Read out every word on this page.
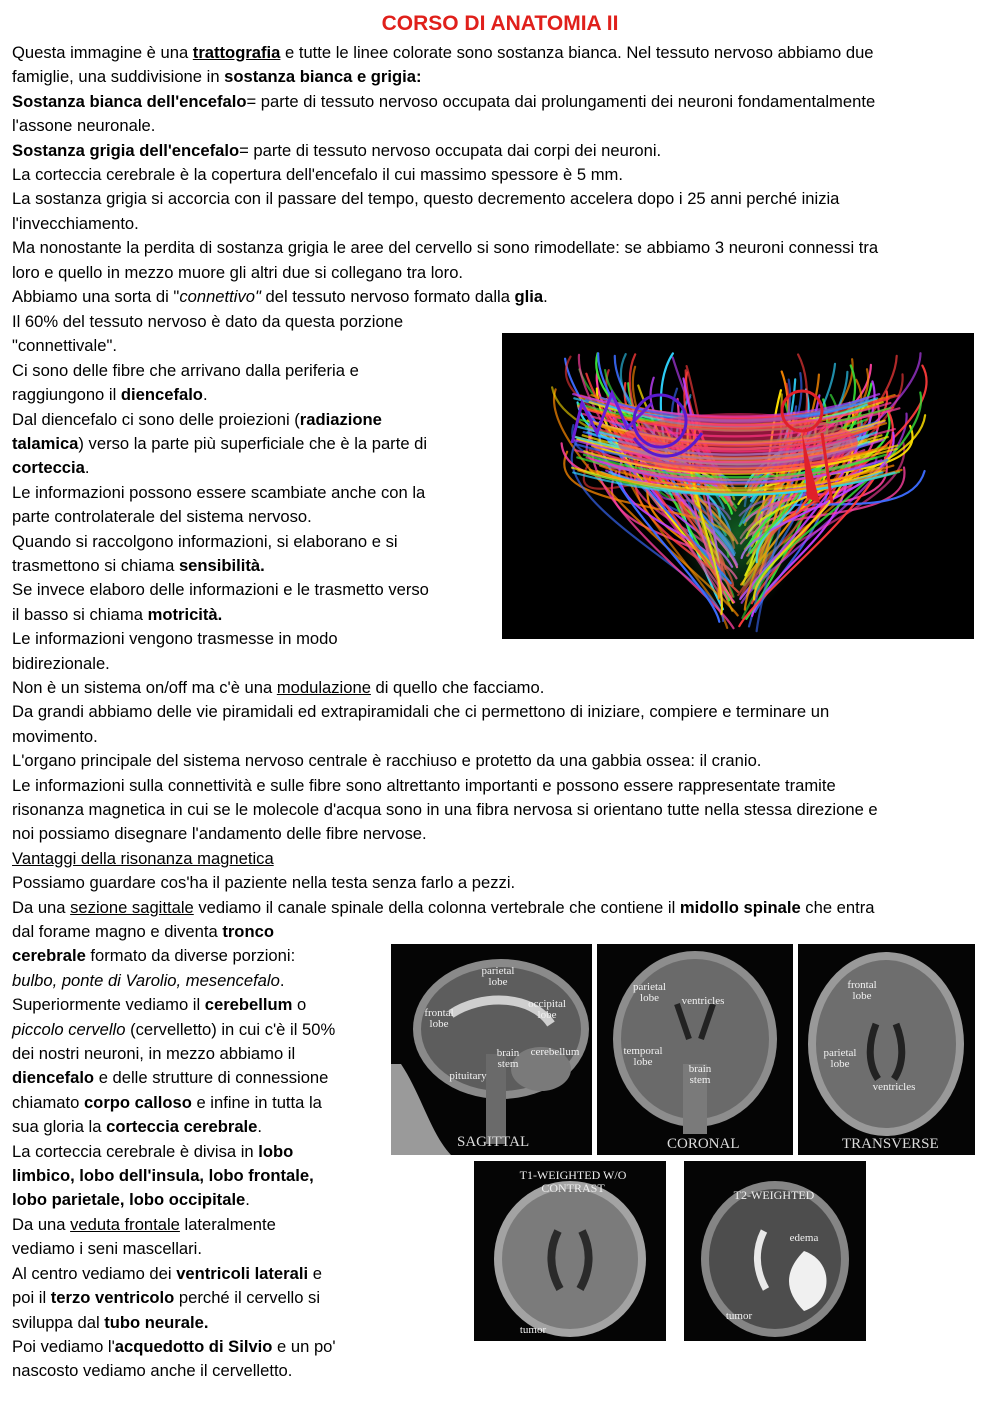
CORSO DI ANATOMIA II
Questa immagine è una trattografia e tutte le linee colorate sono sostanza bianca. Nel tessuto nervoso abbiamo due
famiglie, una suddivisione in sostanza bianca e grigia:
Sostanza bianca dell'encefalo= parte di tessuto nervoso occupata dai prolungamenti dei neuroni fondamentalmente
l'assone neuronale.
Sostanza grigia dell'encefalo= parte di tessuto nervoso occupata dai corpi dei neuroni.
La corteccia cerebrale è la copertura dell'encefalo il cui massimo spessore è 5 mm.
La sostanza grigia si accorcia con il passare del tempo, questo decremento accelera dopo i 25 anni perché inizia
l'invecchiamento.
Ma nonostante la perdita di sostanza grigia le aree del cervello si sono rimodellate: se abbiamo 3 neuroni connessi tra
loro e quello in mezzo muore gli altri due si collegano tra loro.
Abbiamo una sorta di "connettivo" del tessuto nervoso formato dalla glia.
Il 60% del tessuto nervoso è dato da questa porzione
"connettivale".
Ci sono delle fibre che arrivano dalla periferia e
raggiungono il diencefalo.
Dal diencefalo ci sono delle proiezioni (radiazione
talamica) verso la parte più superficiale che è la parte di
corteccia.
Le informazioni possono essere scambiate anche con la
parte controlaterale del sistema nervoso.
Quando si raccolgono informazioni, si elaborano e si
trasmettono si chiama sensibilità.
Se invece elaboro delle informazioni e le trasmetto verso
il basso si chiama motricità.
Le informazioni vengono trasmesse in modo
bidirezionale.
Non è un sistema on/off ma c'è una modulazione di quello che facciamo.
Da grandi abbiamo delle vie piramidali ed extrapiramidali che ci permettono di iniziare, compiere e terminare un
movimento.
L'organo principale del sistema nervoso centrale è racchiuso e protetto da una gabbia ossea: il cranio.
Le informazioni sulla connettività e sulle fibre sono altrettanto importanti e possono essere rappresentate tramite
risonanza magnetica in cui se le molecole d'acqua sono in una fibra nervosa si orientano tutte nella stessa direzione e
noi possiamo disegnare l'andamento delle fibre nervose.
Vantaggi della risonanza magnetica
Possiamo guardare cos'ha il paziente nella testa senza farlo a pezzi.
Da una sezione sagittale vediamo il canale spinale della colonna vertebrale che contiene il midollo spinale che entra
dal forame magno e diventa tronco
cerebrale formato da diverse porzioni:
bulbo, ponte di Varolio, mesencefalo.
Superiormente vediamo il cerebellum o
piccolo cervello (cervelletto) in cui c'è il 50%
dei nostri neuroni, in mezzo abbiamo il
diencefalo e delle strutture di connessione
chiamato corpo calloso e infine in tutta la
sua gloria la corteccia cerebrale.
La corteccia cerebrale è divisa in lobo
limbico, lobo dell'insula, lobo frontale,
lobo parietale, lobo occipitale.
Da una veduta frontale lateralmente
vediamo i seni mascellari.
Al centro vediamo dei ventricoli laterali e
poi il terzo ventricolo perché il cervello si
sviluppa dal tubo neurale.
Poi vediamo l'acquedotto di Silvio e un po'
nascosto vediamo anche il cervelletto.
parietal lobe
occipital lobe
frontal lobe
brain stem
cerebellum
pituitary
SAGITTAL
parietal lobe	ventricles
temporal lobe
brain stem
CORONAL
frontal lobe
parietal lobe
ventricles
TRANSVERSE
T1-WEIGHTED W/O CONTRAST
tumor
T2-WEIGHTED
edema
tumor
